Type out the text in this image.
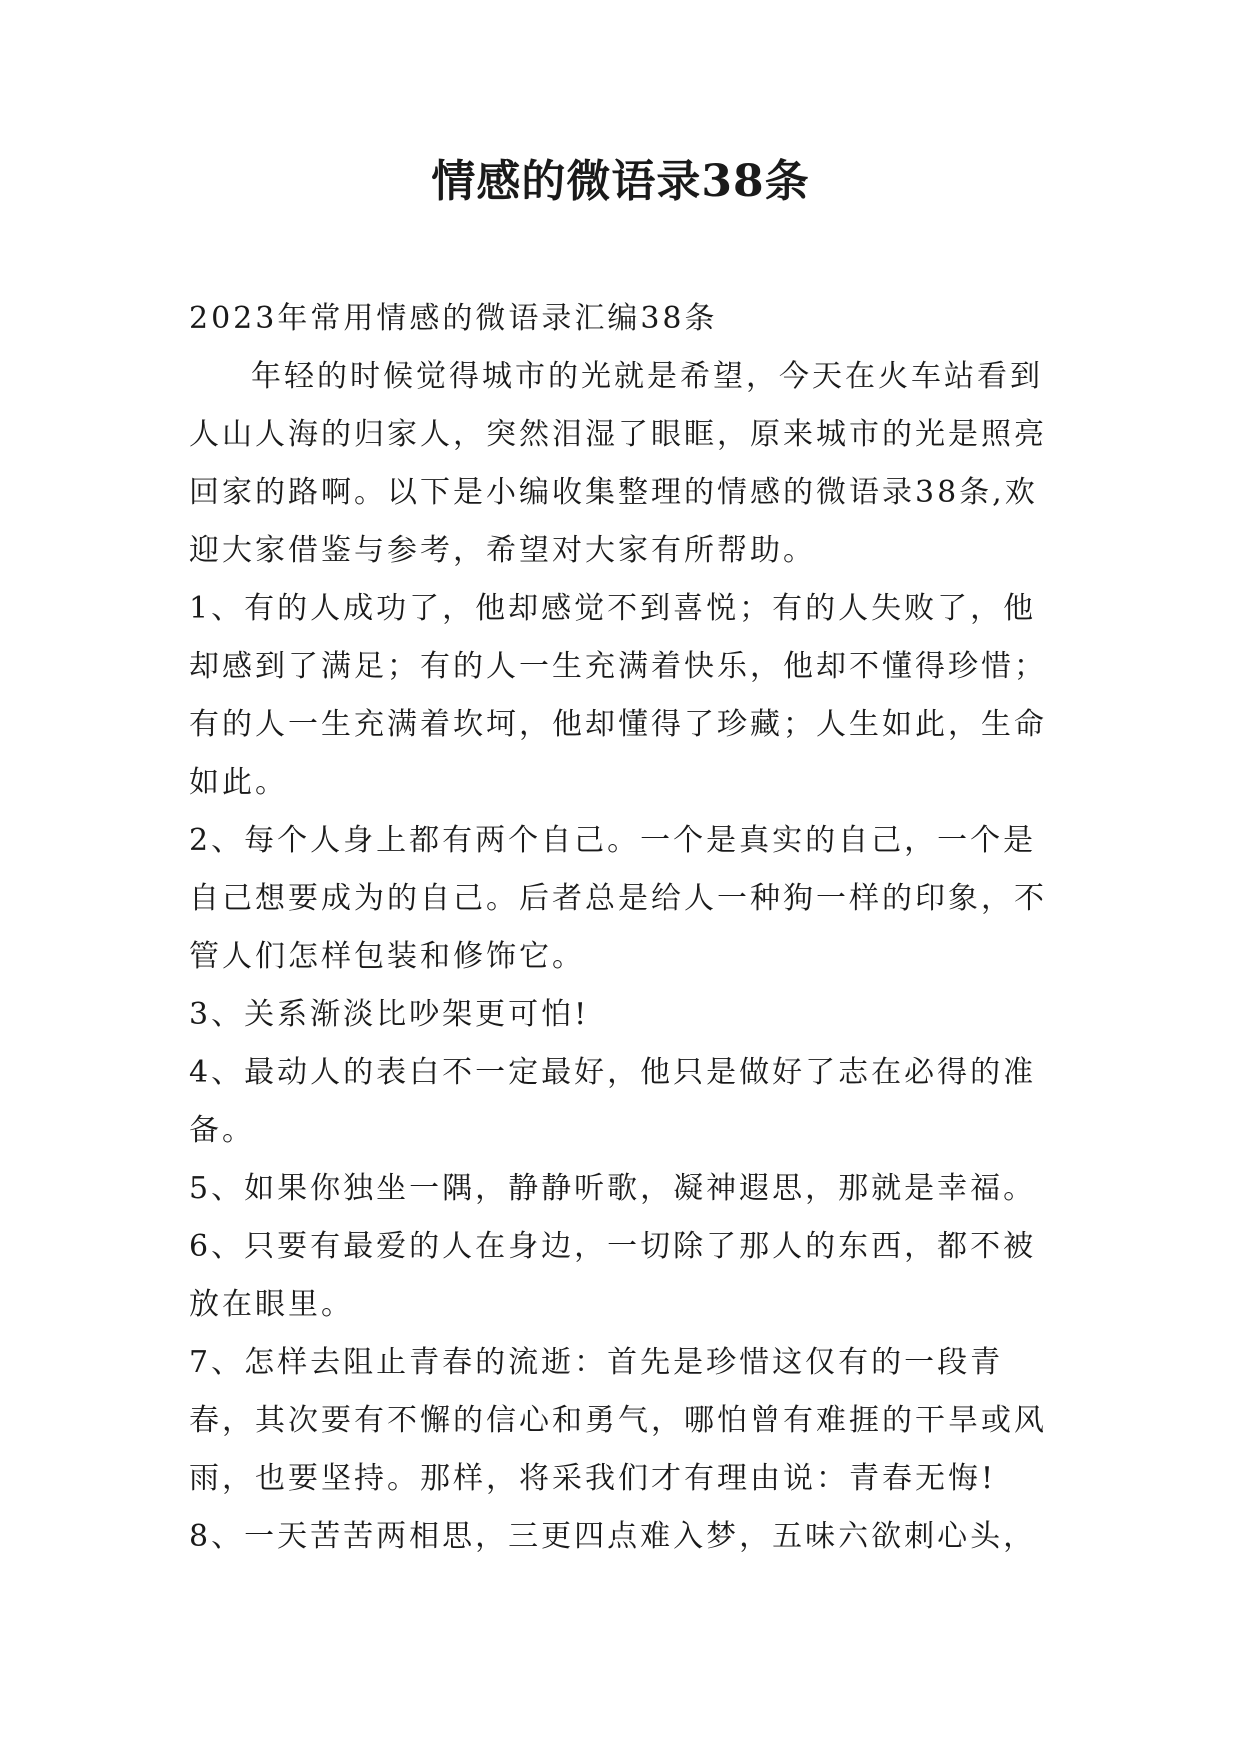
情感的微语录38条

2023年常用情感的微语录汇编38条

年轻的时候觉得城市的光就是希望，今天在火车站看到人山人海的归家人，突然泪湿了眼眶，原来城市的光是照亮回家的路啊。以下是小编收集整理的情感的微语录38条,欢迎大家借鉴与参考，希望对大家有所帮助。

1、有的人成功了，他却感觉不到喜悦；有的人失败了，他却感到了满足；有的人一生充满着快乐，他却不懂得珍惜；有的人一生充满着坎坷，他却懂得了珍藏；人生如此，生命如此。

2、每个人身上都有两个自己。一个是真实的自己，一个是自己想要成为的自己。后者总是给人一种狗一样的印象，不管人们怎样包装和修饰它。

3、关系渐淡比吵架更可怕!

4、最动人的表白不一定最好，他只是做好了志在必得的准备。

5、如果你独坐一隅，静静听歌，凝神遐思，那就是幸福。

6、只要有最爱的人在身边，一切除了那人的东西，都不被放在眼里。

7、怎样去阻止青春的流逝：首先是珍惜这仅有的一段青春，其次要有不懈的信心和勇气，哪怕曾有难捱的干旱或风雨，也要坚持。那样，将采我们才有理由说：青春无悔!

8、一天苦苦两相思，三更四点难入梦，五味六欲刺心头，
